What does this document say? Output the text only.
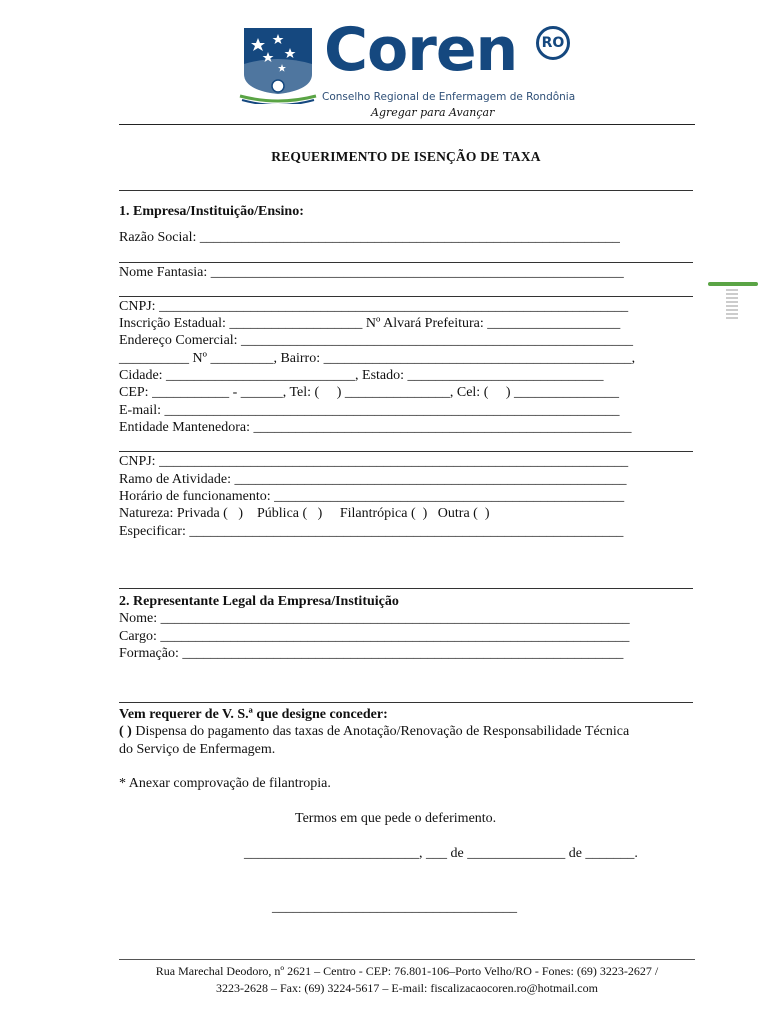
Coren	RO
Conselho Regional de Enfermagem de Rondônia
Agregar para Avançar
REQUERIMENTO DE ISENÇÃO DE TAXA
1. Empresa/Instituição/Ensino:
Razão Social: ____________________________________________________________
Nome Fantasia: ___________________________________________________________
CNPJ: ___________________________________________________________________
Inscrição Estadual: ___________________ Nº Alvará Prefeitura: ___________________
Endereço Comercial: ________________________________________________________
__________ Nº _________, Bairro: ____________________________________________,
Cidade: ___________________________, Estado: ____________________________
CEP: ___________ - ______, Tel: (     ) _______________, Cel: (     ) _______________
E-mail: _________________________________________________________________
Entidade Mantenedora: ______________________________________________________
CNPJ: ___________________________________________________________________
Ramo de Atividade: ________________________________________________________
Horário de funcionamento: __________________________________________________
Natureza: Privada (   )    Pública (   )     Filantrópica (  )   Outra (  )
Especificar: ______________________________________________________________
2. Representante Legal da Empresa/Instituição
Nome: ___________________________________________________________________
Cargo: ___________________________________________________________________
Formação: _______________________________________________________________
Vem requerer de V. S.ª que designe conceder:
( ) Dispensa do pagamento das taxas de Anotação/Renovação de Responsabilidade Técnica
do Serviço de Enfermagem.
* Anexar comprovação de filantropia.
Termos em que pede o deferimento.
_________________________, ___ de ______________ de _______.
___________________________________
Rua Marechal Deodoro, nº 2621 – Centro - CEP: 76.801-106–Porto Velho/RO - Fones: (69) 3223-2627 /
3223-2628 – Fax: (69) 3224-5617 – E-mail: fiscalizacaocoren.ro@hotmail.com
